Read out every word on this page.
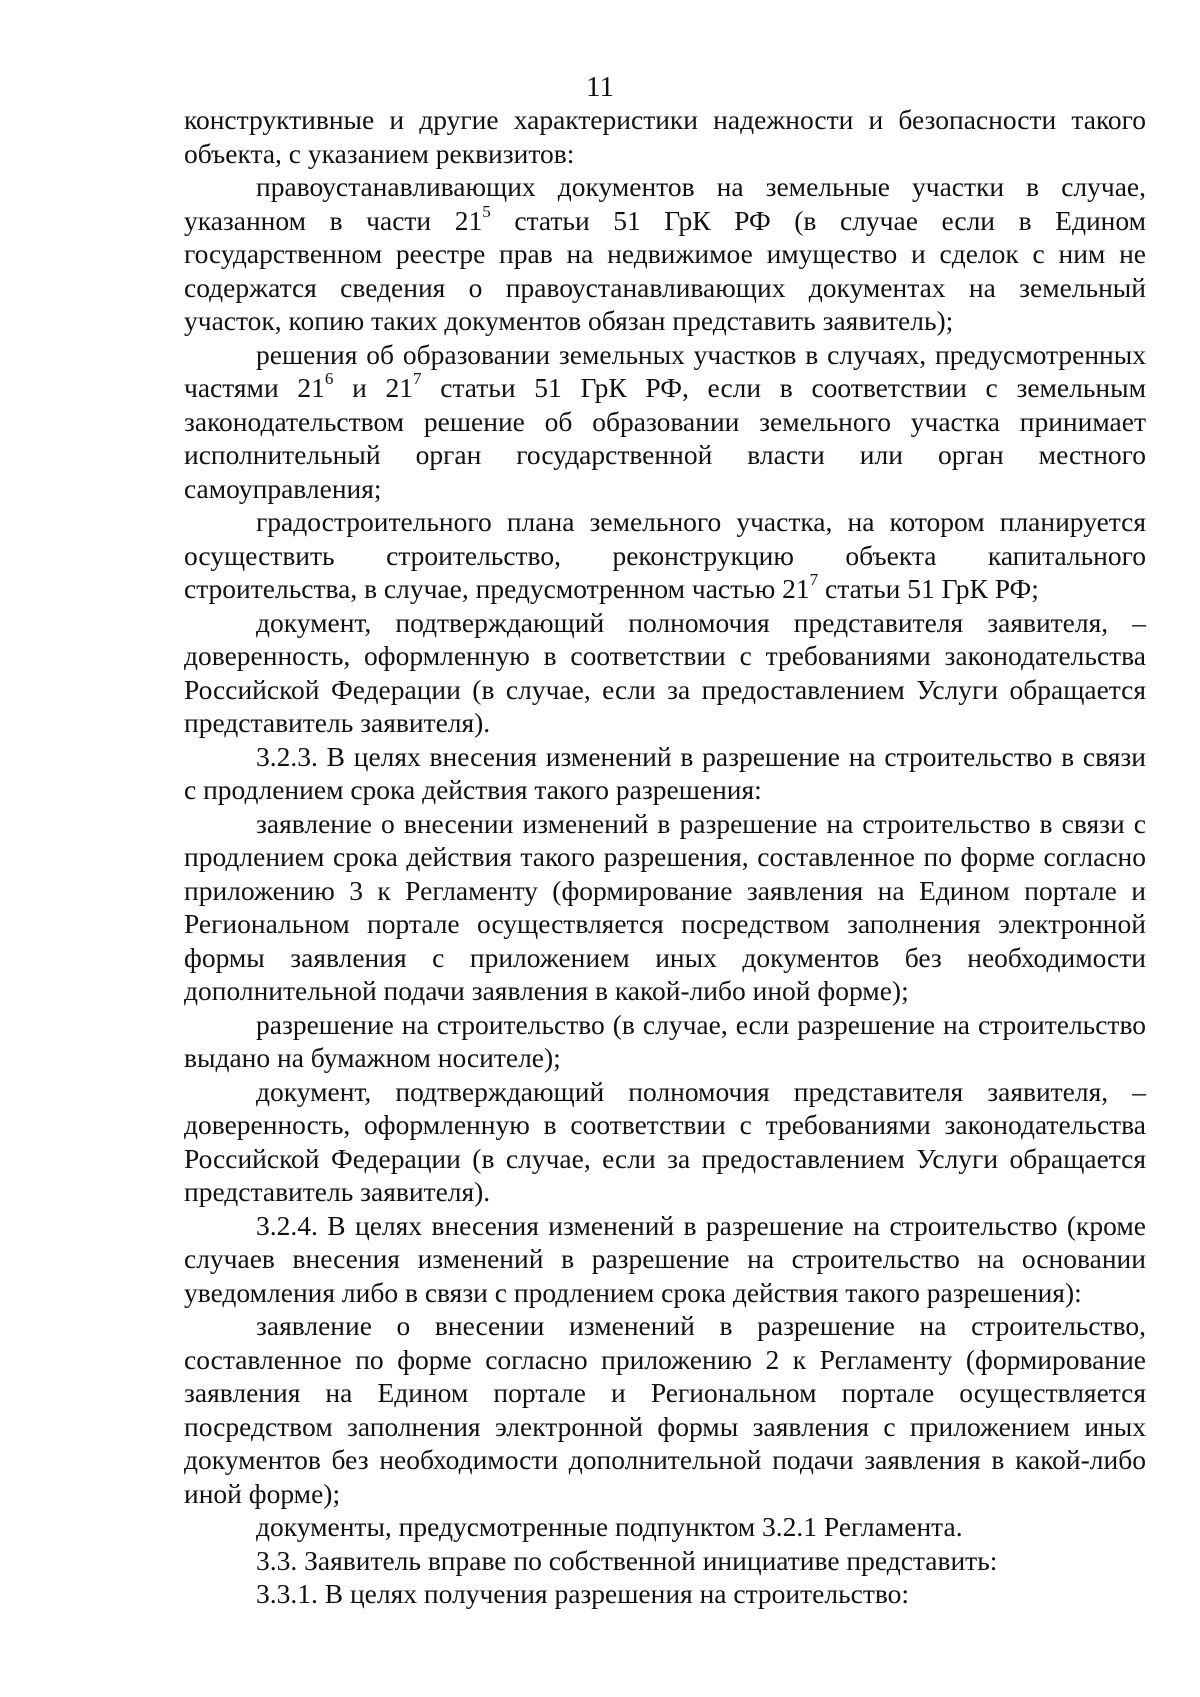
11

конструктивные и другие характеристики надежности и безопасности такого объекта, с указанием реквизитов:

правоустанавливающих документов на земельные участки в случае, указанном в части $21^5$ статьи 51 ГрК РФ (в случае если в Едином государственном реестре прав на недвижимое имущество и сделок с ним не содержатся сведения о правоустанавливающих документах на земельный участок, копию таких документов обязан представить заявитель);

решения об образовании земельных участков в случаях, предусмотренных частями $21^6$ и $21^7$ статьи 51 ГрК РФ, если в соответствии с земельным законодательством решение об образовании земельного участка принимает исполнительный орган государственной власти или орган местного самоуправления;

градостроительного плана земельного участка, на котором планируется осуществить строительство, реконструкцию объекта капитального строительства, в случае, предусмотренном частью $21^7$ статьи 51 ГрК РФ;

документ, подтверждающий полномочия представителя заявителя, – доверенность, оформленную в соответствии с требованиями законодательства Российской Федерации (в случае, если за предоставлением Услуги обращается представитель заявителя).

3.2.3. В целях внесения изменений в разрешение на строительство в связи с продлением срока действия такого разрешения:

заявление о внесении изменений в разрешение на строительство в связи с продлением срока действия такого разрешения, составленное по форме согласно приложению 3 к Регламенту (формирование заявления на Едином портале и Региональном портале осуществляется посредством заполнения электронной формы заявления с приложением иных документов без необходимости дополнительной подачи заявления в какой-либо иной форме);

разрешение на строительство (в случае, если разрешение на строительство выдано на бумажном носителе);

документ, подтверждающий полномочия представителя заявителя, – доверенность, оформленную в соответствии с требованиями законодательства Российской Федерации (в случае, если за предоставлением Услуги обращается представитель заявителя).

3.2.4. В целях внесения изменений в разрешение на строительство (кроме случаев внесения изменений в разрешение на строительство на основании уведомления либо в связи с продлением срока действия такого разрешения):

заявление о внесении изменений в разрешение на строительство, составленное по форме согласно приложению 2 к Регламенту (формирование заявления на Едином портале и Региональном портале осуществляется посредством заполнения электронной формы заявления с приложением иных документов без необходимости дополнительной подачи заявления в какой-либо иной форме);

документы, предусмотренные подпунктом 3.2.1 Регламента.

3.3. Заявитель вправе по собственной инициативе представить:

3.3.1. В целях получения разрешения на строительство:
